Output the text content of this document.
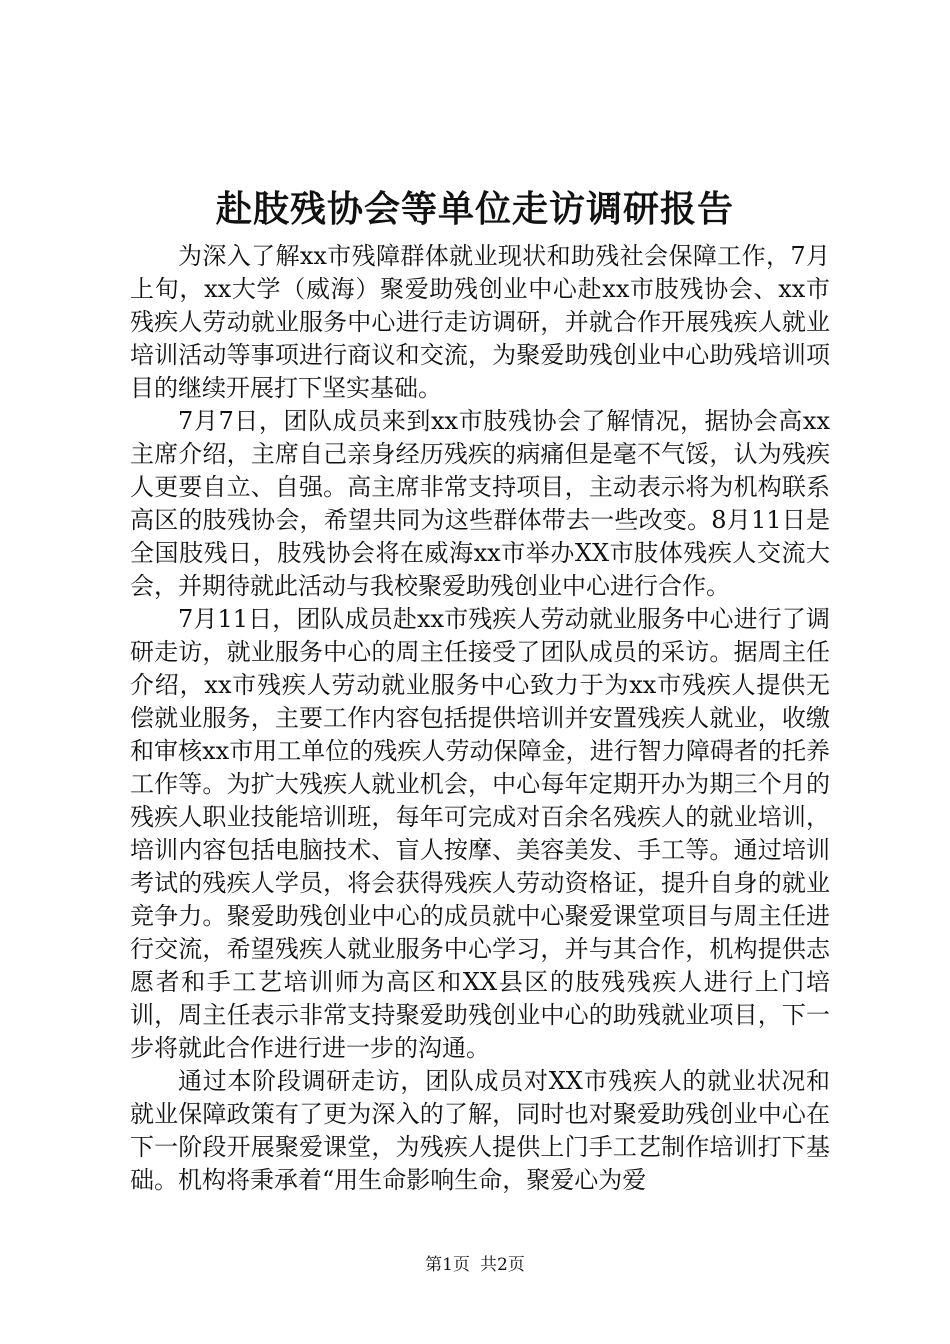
赴肢残协会等单位走访调研报告

为深入了解xx市残障群体就业现状和助残社会保障工作，7月上旬，xx大学（威海）聚爱助残创业中心赴xx市肢残协会、xx市残疾人劳动就业服务中心进行走访调研，并就合作开展残疾人就业培训活动等事项进行商议和交流，为聚爱助残创业中心助残培训项目的继续开展打下坚实基础。

7月7日，团队成员来到xx市肢残协会了解情况，据协会高xx主席介绍，主席自己亲身经历残疾的病痛但是毫不气馁，认为残疾人更要自立、自强。高主席非常支持项目，主动表示将为机构联系高区的肢残协会，希望共同为这些群体带去一些改变。8月11日是全国肢残日，肢残协会将在威海xx市举办XX市肢体残疾人交流大会，并期待就此活动与我校聚爱助残创业中心进行合作。

7月11日，团队成员赴xx市残疾人劳动就业服务中心进行了调研走访，就业服务中心的周主任接受了团队成员的采访。据周主任介绍，xx市残疾人劳动就业服务中心致力于为xx市残疾人提供无偿就业服务，主要工作内容包括提供培训并安置残疾人就业，收缴和审核xx市用工单位的残疾人劳动保障金，进行智力障碍者的托养工作等。为扩大残疾人就业机会，中心每年定期开办为期三个月的残疾人职业技能培训班，每年可完成对百余名残疾人的就业培训，培训内容包括电脑技术、盲人按摩、美容美发、手工等。通过培训考试的残疾人学员，将会获得残疾人劳动资格证，提升自身的就业竞争力。聚爱助残创业中心的成员就中心聚爱课堂项目与周主任进行交流，希望残疾人就业服务中心学习，并与其合作，机构提供志愿者和手工艺培训师为高区和XX县区的肢残残疾人进行上门培训，周主任表示非常支持聚爱助残创业中心的助残就业项目，下一步将就此合作进行进一步的沟通。

通过本阶段调研走访，团队成员对XX市残疾人的就业状况和就业保障政策有了更为深入的了解，同时也对聚爱助残创业中心在下一阶段开展聚爱课堂，为残疾人提供上门手工艺制作培训打下基础。机构将秉承着“用生命影响生命，聚爱心为爱

第1页 共2页
